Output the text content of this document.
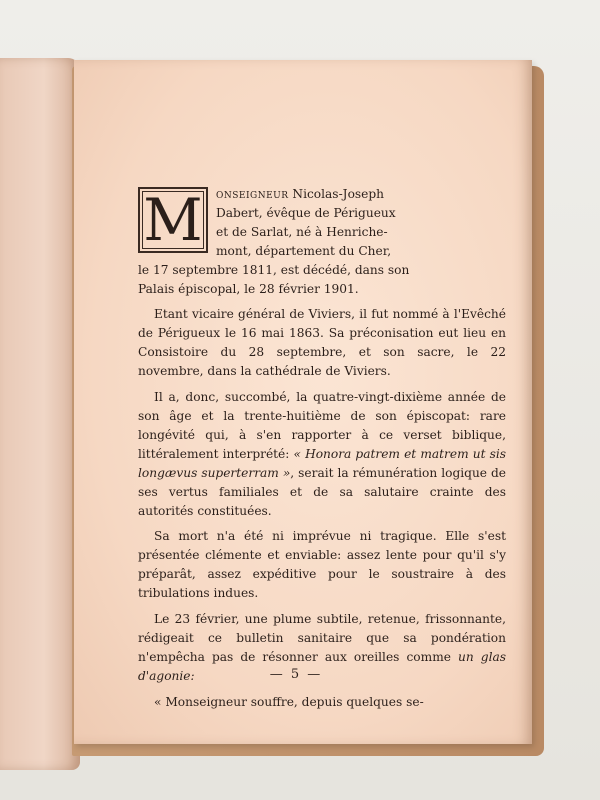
M	onseigneur Nicolas-Joseph
Dabert, évêque de Périgueux
et de Sarlat, né à Henriche-
mont, département du Cher,
le 17 septembre 1811, est décédé, dans son
Palais épiscopal, le 28 février 1901.

Etant vicaire général de Viviers, il fut nommé à l'Evêché de Périgueux le 16 mai 1863. Sa préconisation eut lieu en Consistoire du 28 septembre, et son sacre, le 22 novembre, dans la cathédrale de Viviers.

Il a, donc, succombé, la quatre-vingt-dixième année de son âge et la trente-huitième de son épiscopat: rare longévité qui, à s'en rapporter à ce verset biblique, littéralement interprété: « Honora patrem et matrem ut sis longævus superterram », serait la rémunération logique de ses vertus familiales et de sa salutaire crainte des autorités constituées.

Sa mort n'a été ni imprévue ni tragique. Elle s'est présentée clémente et enviable: assez lente pour qu'il s'y préparât, assez expéditive pour le soustraire à des tribulations indues.

Le 23 février, une plume subtile, retenue, frissonnante, rédigeait ce bulletin sanitaire que sa pondération n'empêcha pas de résonner aux oreilles comme un glas d'agonie:

« Monseigneur souffre, depuis quelques se-

— 5 —
